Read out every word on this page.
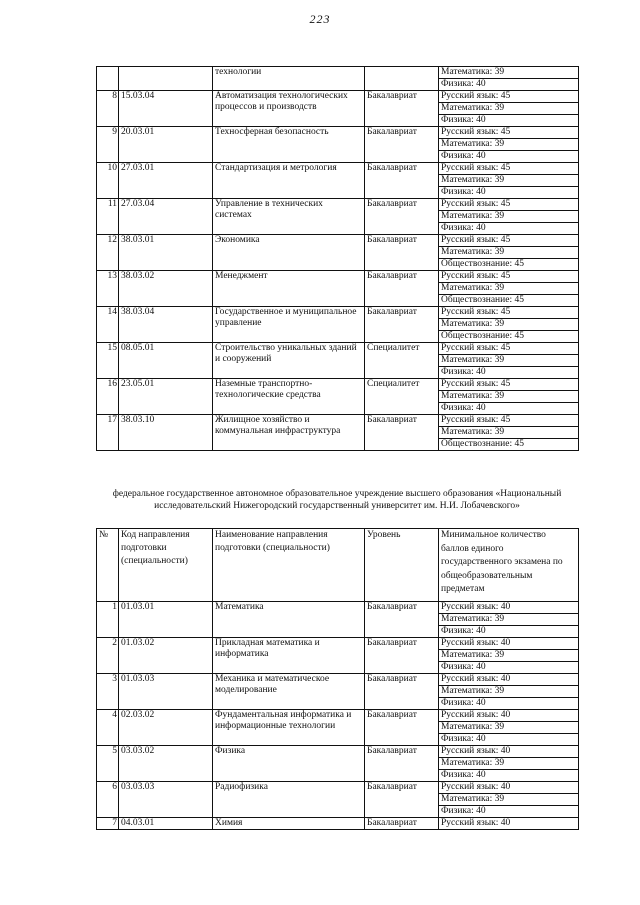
223
		технологии		Математика: 39
				Физика: 40
8	15.03.04	Автоматизация технологических процессов и производств	Бакалавриат	Русский язык: 45
				Математика: 39
				Физика: 40
9	20.03.01	Техносферная безопасность	Бакалавриат	Русский язык: 45
				Математика: 39
				Физика: 40
10	27.03.01	Стандартизация и метрология	Бакалавриат	Русский язык: 45
				Математика: 39
				Физика: 40
11	27.03.04	Управление в технических системах	Бакалавриат	Русский язык: 45
				Математика: 39
				Физика: 40
12	38.03.01	Экономика	Бакалавриат	Русский язык: 45
				Математика: 39
				Обществознание: 45
13	38.03.02	Менеджмент	Бакалавриат	Русский язык: 45
				Математика: 39
				Обществознание: 45
14	38.03.04	Государственное и муниципальное управление	Бакалавриат	Русский язык: 45
				Математика: 39
				Обществознание: 45
15	08.05.01	Строительство уникальных зданий и сооружений	Специалитет	Русский язык: 45
				Математика: 39
				Физика: 40
16	23.05.01	Наземные транспортно-технологические средства	Специалитет	Русский язык: 45
				Математика: 39
				Физика: 40
17	38.03.10	Жилищное хозяйство и коммунальная инфраструктура	Бакалавриат	Русский язык: 45
				Математика: 39
				Обществознание: 45
федеральное государственное автономное образовательное учреждение высшего образования «Национальный исследовательский Нижегородский государственный университет им. Н.И. Лобачевского»
№	Код направления подготовки (специальности)	Наименование направления подготовки (специальности)	Уровень	Минимальное количество баллов единого государственного экзамена по общеобразовательным предметам
1	01.03.01	Математика	Бакалавриат	Русский язык: 40
				Математика: 39
				Физика: 40
2	01.03.02	Прикладная математика и информатика	Бакалавриат	Русский язык: 40
				Математика: 39
				Физика: 40
3	01.03.03	Механика и математическое моделирование	Бакалавриат	Русский язык: 40
				Математика: 39
				Физика: 40
4	02.03.02	Фундаментальная информатика и информационные технологии	Бакалавриат	Русский язык: 40
				Математика: 39
				Физика: 40
5	03.03.02	Физика	Бакалавриат	Русский язык: 40
				Математика: 39
				Физика: 40
6	03.03.03	Радиофизика	Бакалавриат	Русский язык: 40
				Математика: 39
				Физика: 40
7	04.03.01	Химия	Бакалавриат	Русский язык: 40
